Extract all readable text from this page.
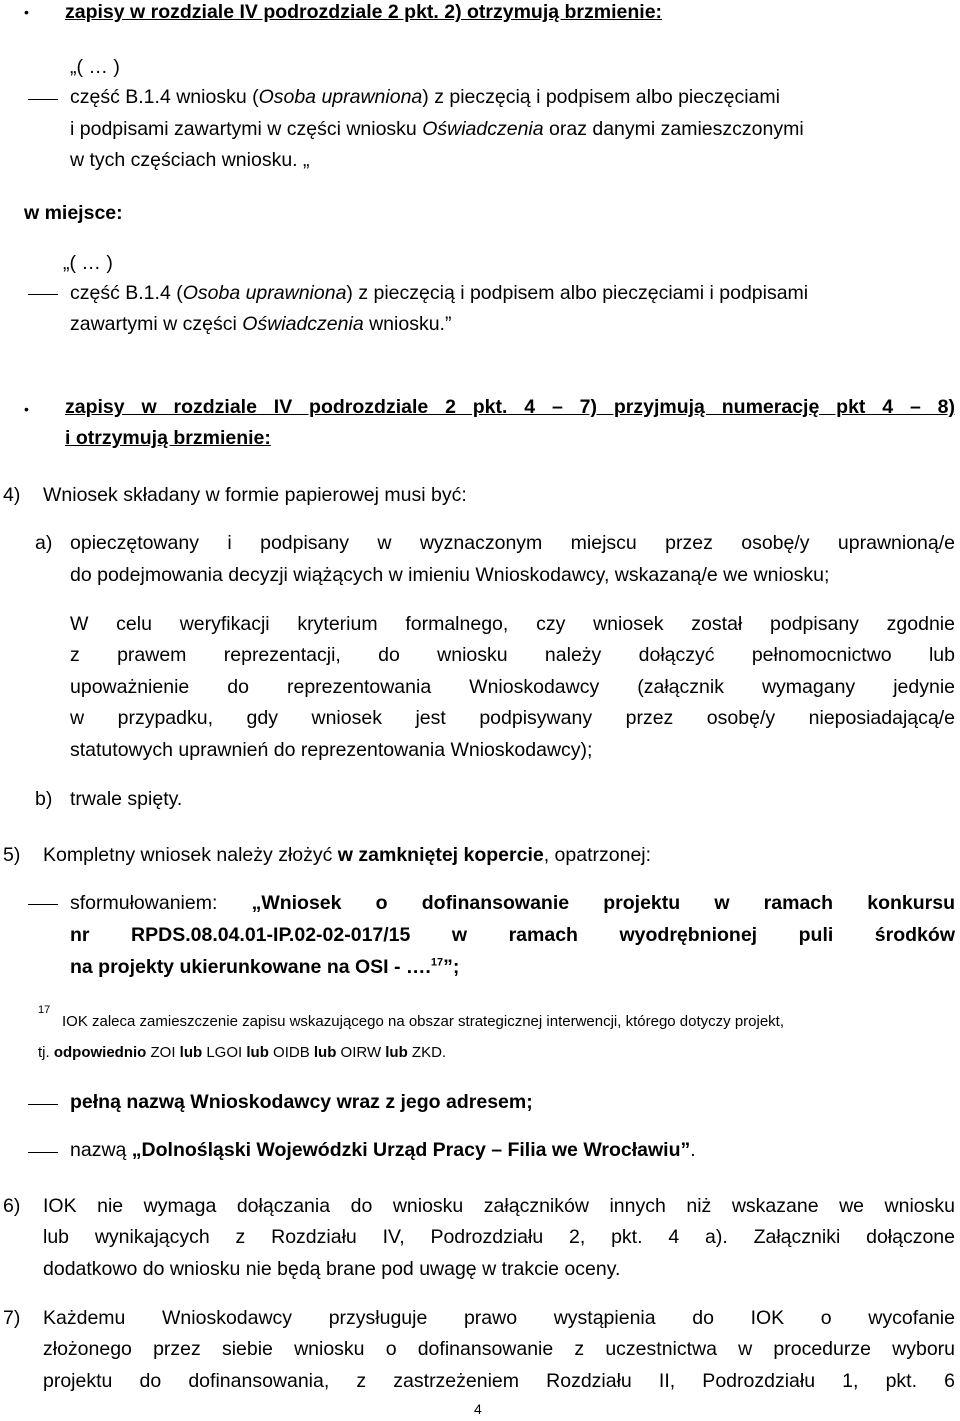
• zapisy w rozdziale IV podrozdziale 2 pkt. 2) otrzymują brzmienie:
„( … )
część B.1.4 wniosku (Osoba uprawniona) z pieczęcią i podpisem albo pieczęciami
i podpisami zawartymi w części wniosku Oświadczenia oraz danymi zamieszczonymi
w tych częściach wniosku. „
w miejsce:
„( … )
część B.1.4 (Osoba uprawniona) z pieczęcią i podpisem albo pieczęciami i podpisami
zawartymi w części Oświadczenia wniosku.”
• zapisy w rozdziale IV podrozdziale 2 pkt. 4 – 7) przyjmują numerację pkt 4 – 8)
i otrzymują brzmienie:
4)	Wniosek składany w formie papierowej musi być:
a) opieczętowany i podpisany w wyznaczonym miejscu przez osobę/y uprawnioną/e
do podejmowania decyzji wiążących w imieniu Wnioskodawcy, wskazaną/e we wniosku;
W celu weryfikacji kryterium formalnego, czy wniosek został podpisany zgodnie
z prawem reprezentacji, do wniosku należy dołączyć pełnomocnictwo lub
upoważnienie do reprezentowania Wnioskodawcy (załącznik wymagany jedynie
w przypadku, gdy wniosek jest podpisywany przez osobę/y nieposiadającą/e
statutowych uprawnień do reprezentowania Wnioskodawcy);
b) trwale spięty.
5)	Kompletny wniosek należy złożyć w zamkniętej kopercie, opatrzonej:
sformułowaniem: „Wniosek o dofinansowanie projektu w ramach konkursu
nr RPDS.08.04.01-IP.02-02-017/15 w ramach wyodrębnionej puli środków
na projekty ukierunkowane na OSI - ….$^{17}$”;
17
IOK zaleca zamieszczenie zapisu wskazującego na obszar strategicznej interwencji, którego dotyczy projekt,
tj. odpowiednio ZOI lub LGOI lub OIDB lub OIRW lub ZKD.
pełną nazwą Wnioskodawcy wraz z jego adresem;
nazwą „Dolnośląski Wojewódzki Urząd Pracy – Filia we Wrocławiu”.
6)	IOK nie wymaga dołączania do wniosku załączników innych niż wskazane we wniosku
lub wynikających z Rozdziału IV, Podrozdziału 2, pkt. 4 a). Załączniki dołączone
dodatkowo do wniosku nie będą brane pod uwagę w trakcie oceny.
7)	Każdemu Wnioskodawcy przysługuje prawo wystąpienia do IOK o wycofanie
złożonego przez siebie wniosku o dofinansowanie z uczestnictwa w procedurze wyboru
projektu do dofinansowania, z zastrzeżeniem Rozdziału II, Podrozdziału 1, pkt. 6
4
